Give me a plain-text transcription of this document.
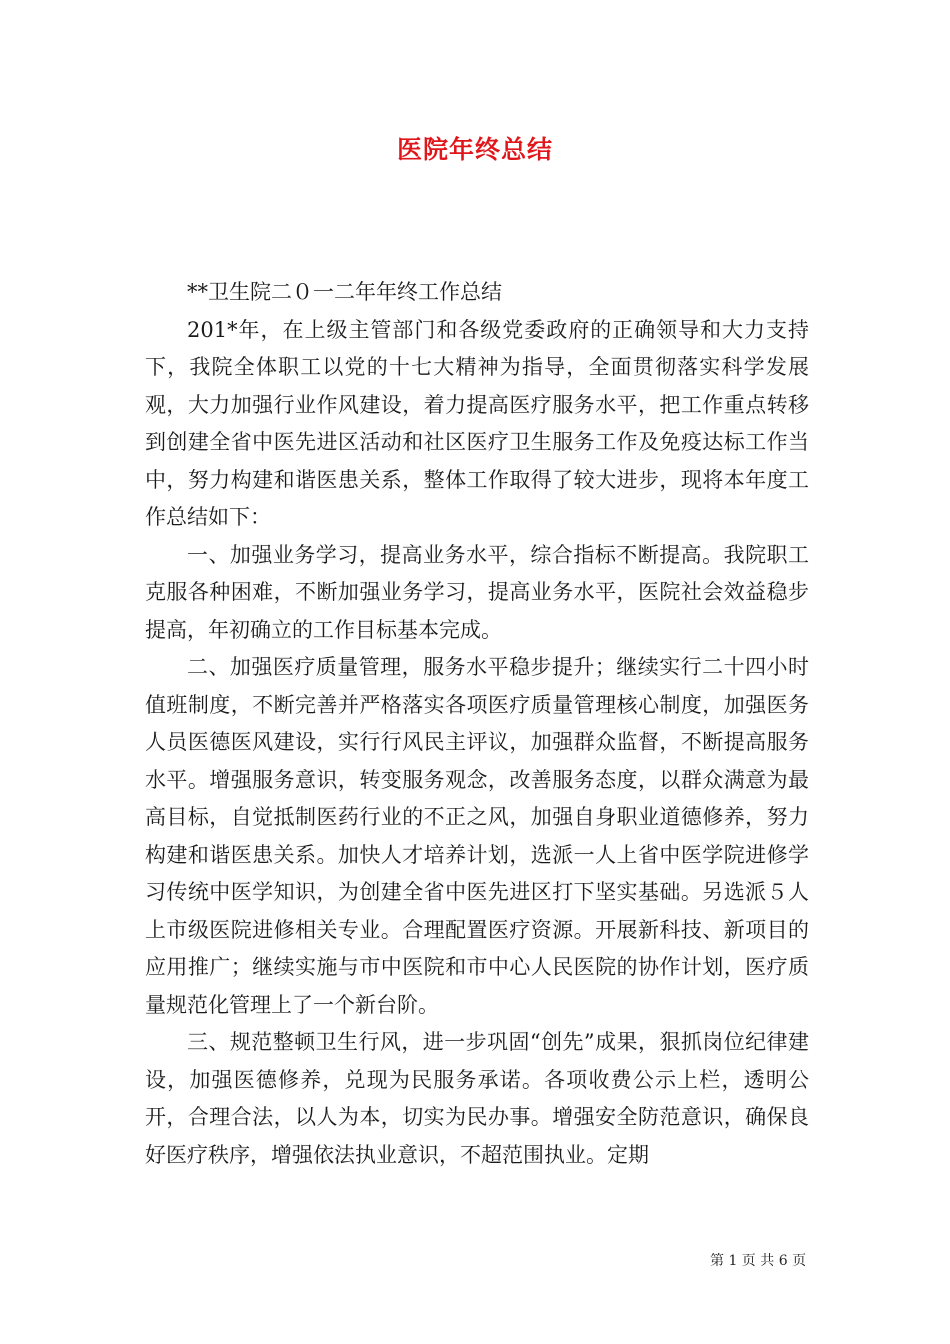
医院年终总结

**卫生院二０一二年年终工作总结

201*年，在上级主管部门和各级党委政府的正确领导和大力支持下，我院全体职工以党的十七大精神为指导，全面贯彻落实科学发展观，大力加强行业作风建设，着力提高医疗服务水平，把工作重点转移到创建全省中医先进区活动和社区医疗卫生服务工作及免疫达标工作当中，努力构建和谐医患关系，整体工作取得了较大进步，现将本年度工作总结如下：

一、加强业务学习，提高业务水平，综合指标不断提高。我院职工克服各种困难，不断加强业务学习，提高业务水平，医院社会效益稳步提高，年初确立的工作目标基本完成。

二、加强医疗质量管理，服务水平稳步提升；继续实行二十四小时值班制度，不断完善并严格落实各项医疗质量管理核心制度，加强医务人员医德医风建设，实行行风民主评议，加强群众监督，不断提高服务水平。增强服务意识，转变服务观念，改善服务态度，以群众满意为最高目标，自觉抵制医药行业的不正之风，加强自身职业道德修养，努力构建和谐医患关系。加快人才培养计划，选派一人上省中医学院进修学习传统中医学知识，为创建全省中医先进区打下坚实基础。另选派５人上市级医院进修相关专业。合理配置医疗资源。开展新科技、新项目的应用推广；继续实施与市中医院和市中心人民医院的协作计划，医疗质量规范化管理上了一个新台阶。

三、规范整顿卫生行风，进一步巩固“创先”成果，狠抓岗位纪律建设，加强医德修养，兑现为民服务承诺。各项收费公示上栏，透明公开，合理合法，以人为本，切实为民办事。增强安全防范意识，确保良好医疗秩序，增强依法执业意识，不超范围执业。定期

第 1 页 共 6 页
